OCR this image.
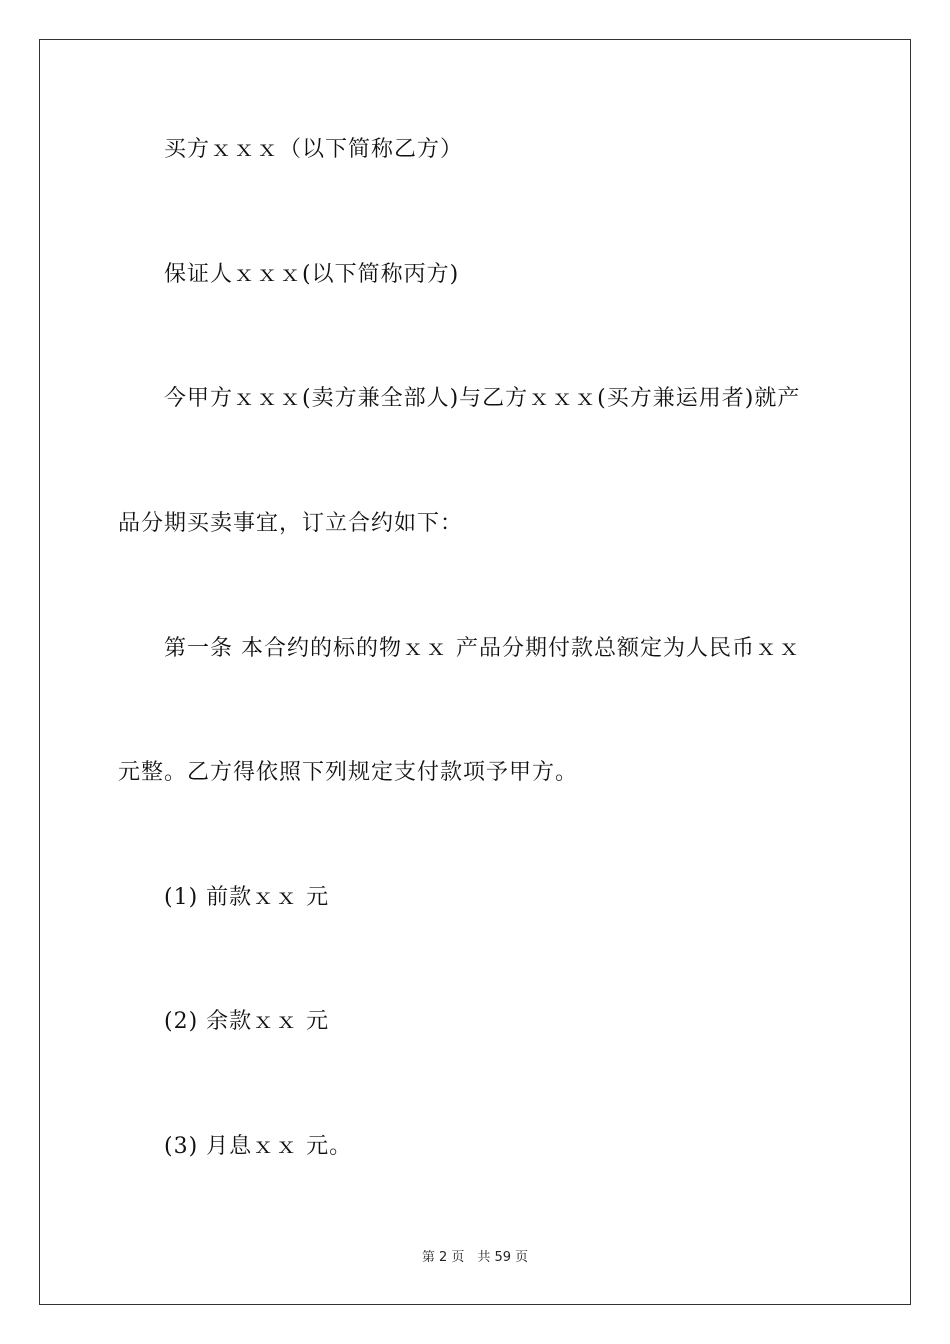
买方ｘｘｘ（以下简称乙方）
保证人ｘｘｘ(以下简称丙方)
今甲方ｘｘｘ(卖方兼全部人)与乙方ｘｘｘ(买方兼运用者)就产
品分期买卖事宜，订立合约如下：
第一条 本合约的标的物ｘｘ 产品分期付款总额定为人民币ｘｘ
元整。乙方得依照下列规定支付款项予甲方。
(1) 前款ｘｘ 元
(2) 余款ｘｘ 元
(3) 月息ｘｘ 元。
第 2 页　共 59 页
